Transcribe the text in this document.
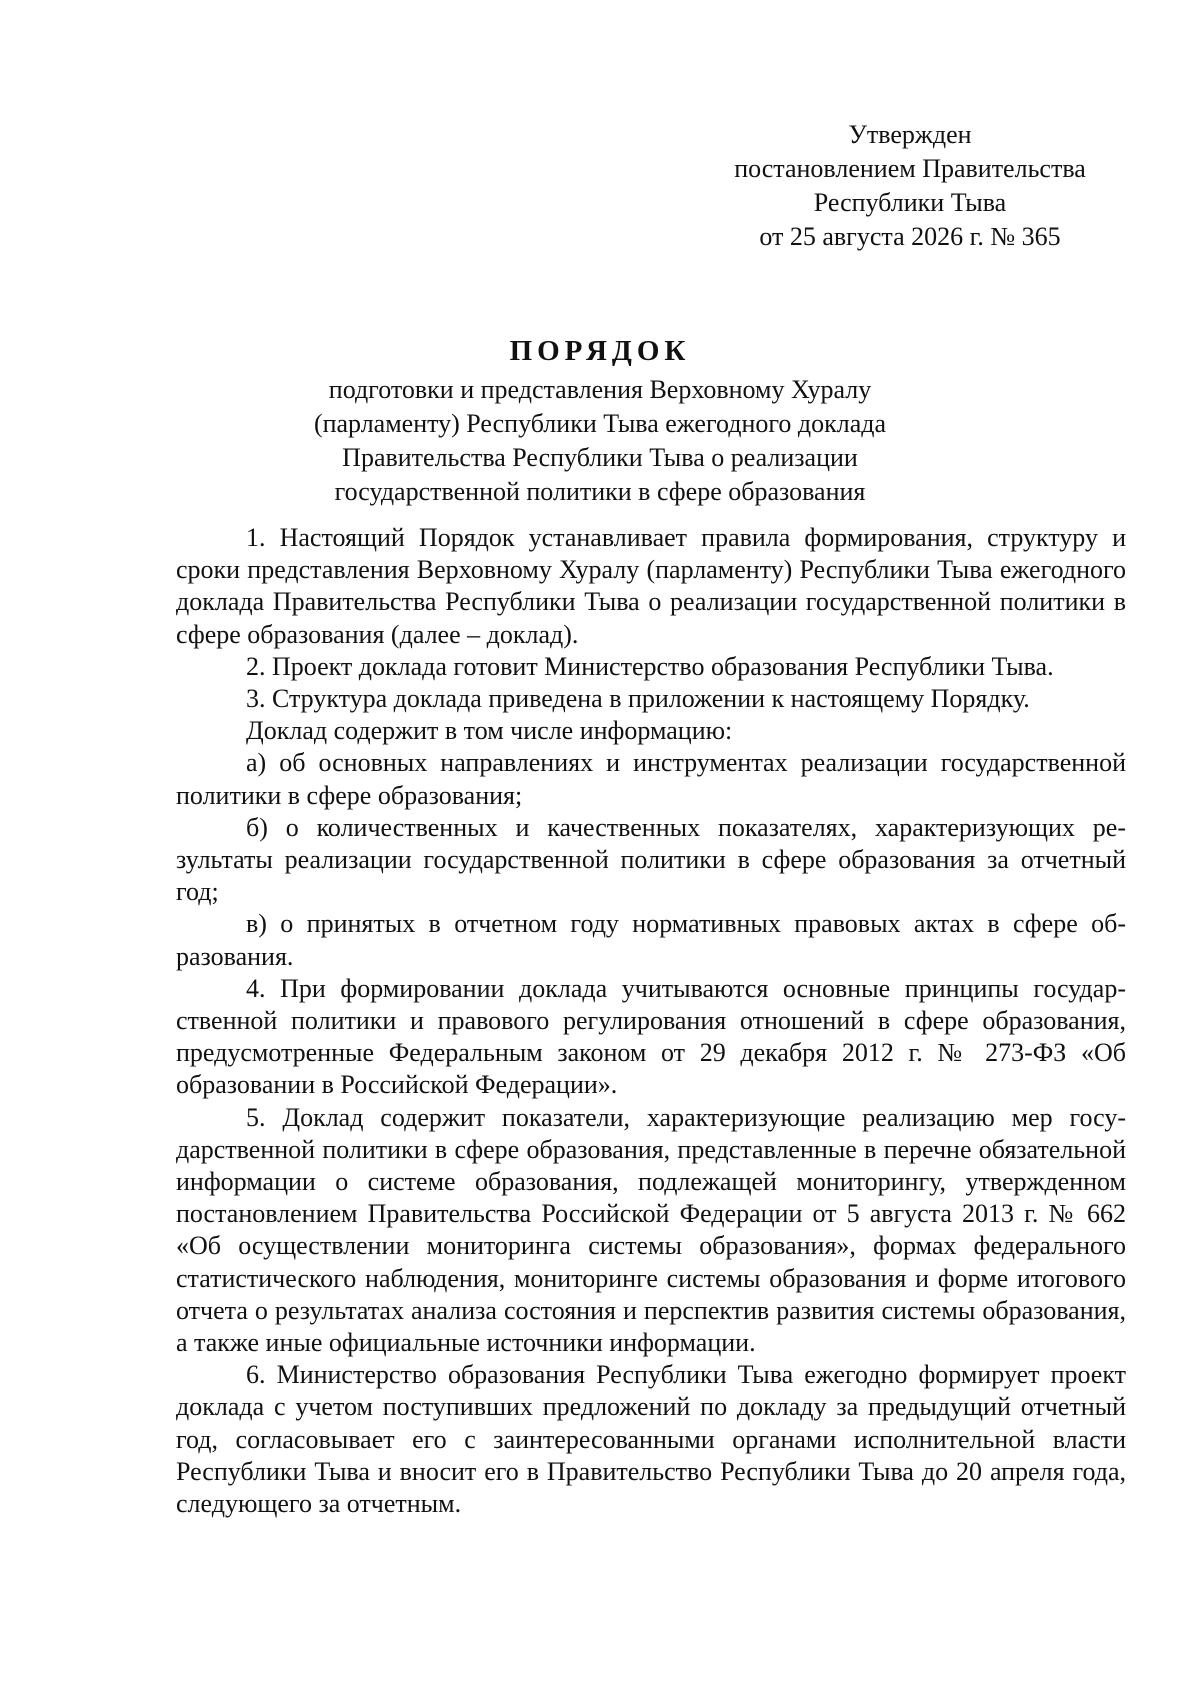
Утвержден
постановлением Правительства
Республики Тыва
от 25 августа 2026 г. № 365
ПОРЯДОК
подготовки и представления Верховному Хуралу
(парламенту) Республики Тыва ежегодного доклада
Правительства Республики Тыва о реализации
государственной политики в сфере образования

1. Настоящий Порядок устанавливает правила формирования, структуру и сроки представления Верховному Хуралу (парламенту) Республики Тыва ежегодного доклада Правительства Республики Тыва о реализации государственной политики в сфере образования (далее – доклад).

2. Проект доклада готовит Министерство образования Республики Тыва.

3. Структура доклада приведена в приложении к настоящему Порядку.

Доклад содержит в том числе информацию:

а) об основных направлениях и инструментах реализации государственной политики в сфере образования;

б) о количественных и качественных показателях, характеризующих результаты реализации государственной политики в сфере образования за отчетный год;

в) о принятых в отчетном году нормативных правовых актах в сфере образования.

4. При формировании доклада учитываются основные принципы государственной политики и правового регулирования отношений в сфере образования, предусмотренные Федеральным законом от 29 декабря 2012 г. № 273-ФЗ «Об образовании в Российской Федерации».

5. Доклад содержит показатели, характеризующие реализацию мер государственной политики в сфере образования, представленные в перечне обязательной информации о системе образования, подлежащей мониторингу, утвержденном постановлением Правительства Российской Федерации от 5 августа 2013 г. № 662 «Об осуществлении мониторинга системы образования», формах федерального статистического наблюдения, мониторинге системы образования и форме итогового отчета о результатах анализа состояния и перспектив развития системы образования, а также иные официальные источники информации.

6. Министерство образования Республики Тыва ежегодно формирует проект доклада с учетом поступивших предложений по докладу за предыдущий отчетный год, согласовывает его с заинтересованными органами исполнительной власти Республики Тыва и вносит его в Правительство Республики Тыва до 20 апреля года, следующего за отчетным.
